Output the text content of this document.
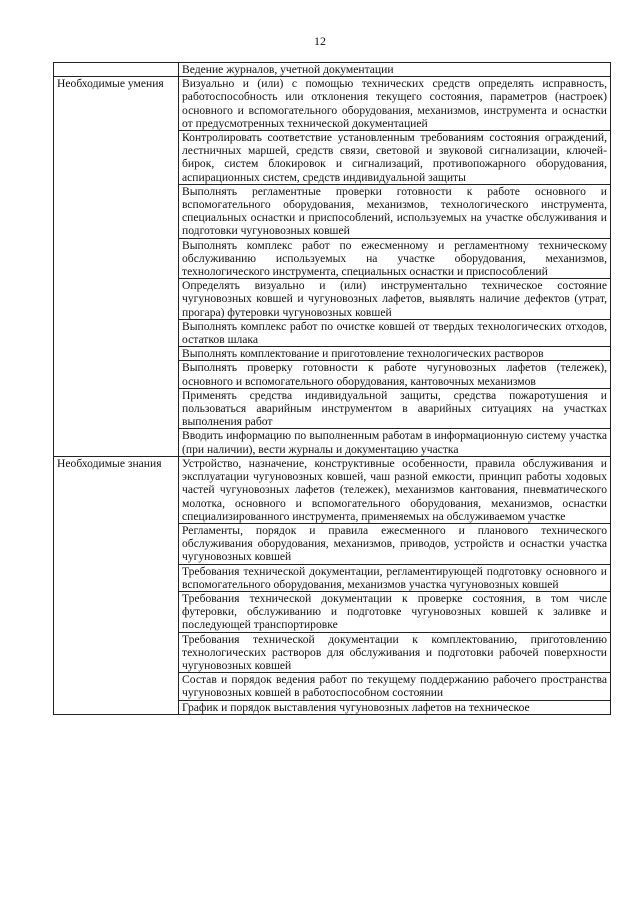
12
	Ведение журналов, учетной документации
Необходимые умения	Визуально и (или) с помощью технических средств определять исправность, работоспособность или отклонения текущего состояния, параметров (настроек) основного и вспомогательного оборудования, механизмов, инструмента и оснастки от предусмотренных технической документацией
	Контролировать соответствие установленным требованиям состояния ограждений, лестничных маршей, средств связи, световой и звуковой сигнализации, ключей-бирок, систем блокировок и сигнализаций, противопожарного оборудования, аспирационных систем, средств индивидуальной защиты
	Выполнять регламентные проверки готовности к работе основного и вспомогательного оборудования, механизмов, технологического инструмента, специальных оснастки и приспособлений, используемых на участке обслуживания и подготовки чугуновозных ковшей
	Выполнять комплекс работ по ежесменному и регламентному техническому обслуживанию используемых на участке оборудования, механизмов, технологического инструмента, специальных оснастки и приспособлений
	Определять визуально и (или) инструментально техническое состояние чугуновозных ковшей и чугуновозных лафетов, выявлять наличие дефектов (утрат, прогара) футеровки чугуновозных ковшей
	Выполнять комплекс работ по очистке ковшей от твердых технологических отходов, остатков шлака
	Выполнять комплектование и приготовление технологических растворов
	Выполнять проверку готовности к работе чугуновозных лафетов (тележек), основного и вспомогательного оборудования, кантовочных механизмов
	Применять средства индивидуальной защиты, средства пожаротушения и пользоваться аварийным инструментом в аварийных ситуациях на участках выполнения работ
	Вводить информацию по выполненным работам в информационную систему участка (при наличии), вести журналы и документацию участка
Необходимые знания	Устройство, назначение, конструктивные особенности, правила обслуживания и эксплуатации чугуновозных ковшей, чаш разной емкости, принцип работы ходовых частей чугуновозных лафетов (тележек), механизмов кантования, пневматического молотка, основного и вспомогательного оборудования, механизмов, оснастки специализированного инструмента, применяемых на обслуживаемом участке
	Регламенты, порядок и правила ежесменного и планового технического обслуживания оборудования, механизмов, приводов, устройств и оснастки участка чугуновозных ковшей
	Требования технической документации, регламентирующей подготовку основного и вспомогательного оборудования, механизмов участка чугуновозных ковшей
	Требования технической документации к проверке состояния, в том числе футеровки, обслуживанию и подготовке чугуновозных ковшей к заливке и последующей транспортировке
	Требования технической документации к комплектованию, приготовлению технологических растворов для обслуживания и подготовки рабочей поверхности чугуновозных ковшей
	Состав и порядок ведения работ по текущему поддержанию рабочего пространства чугуновозных ковшей в работоспособном состоянии
	График и порядок выставления чугуновозных лафетов на техническое
